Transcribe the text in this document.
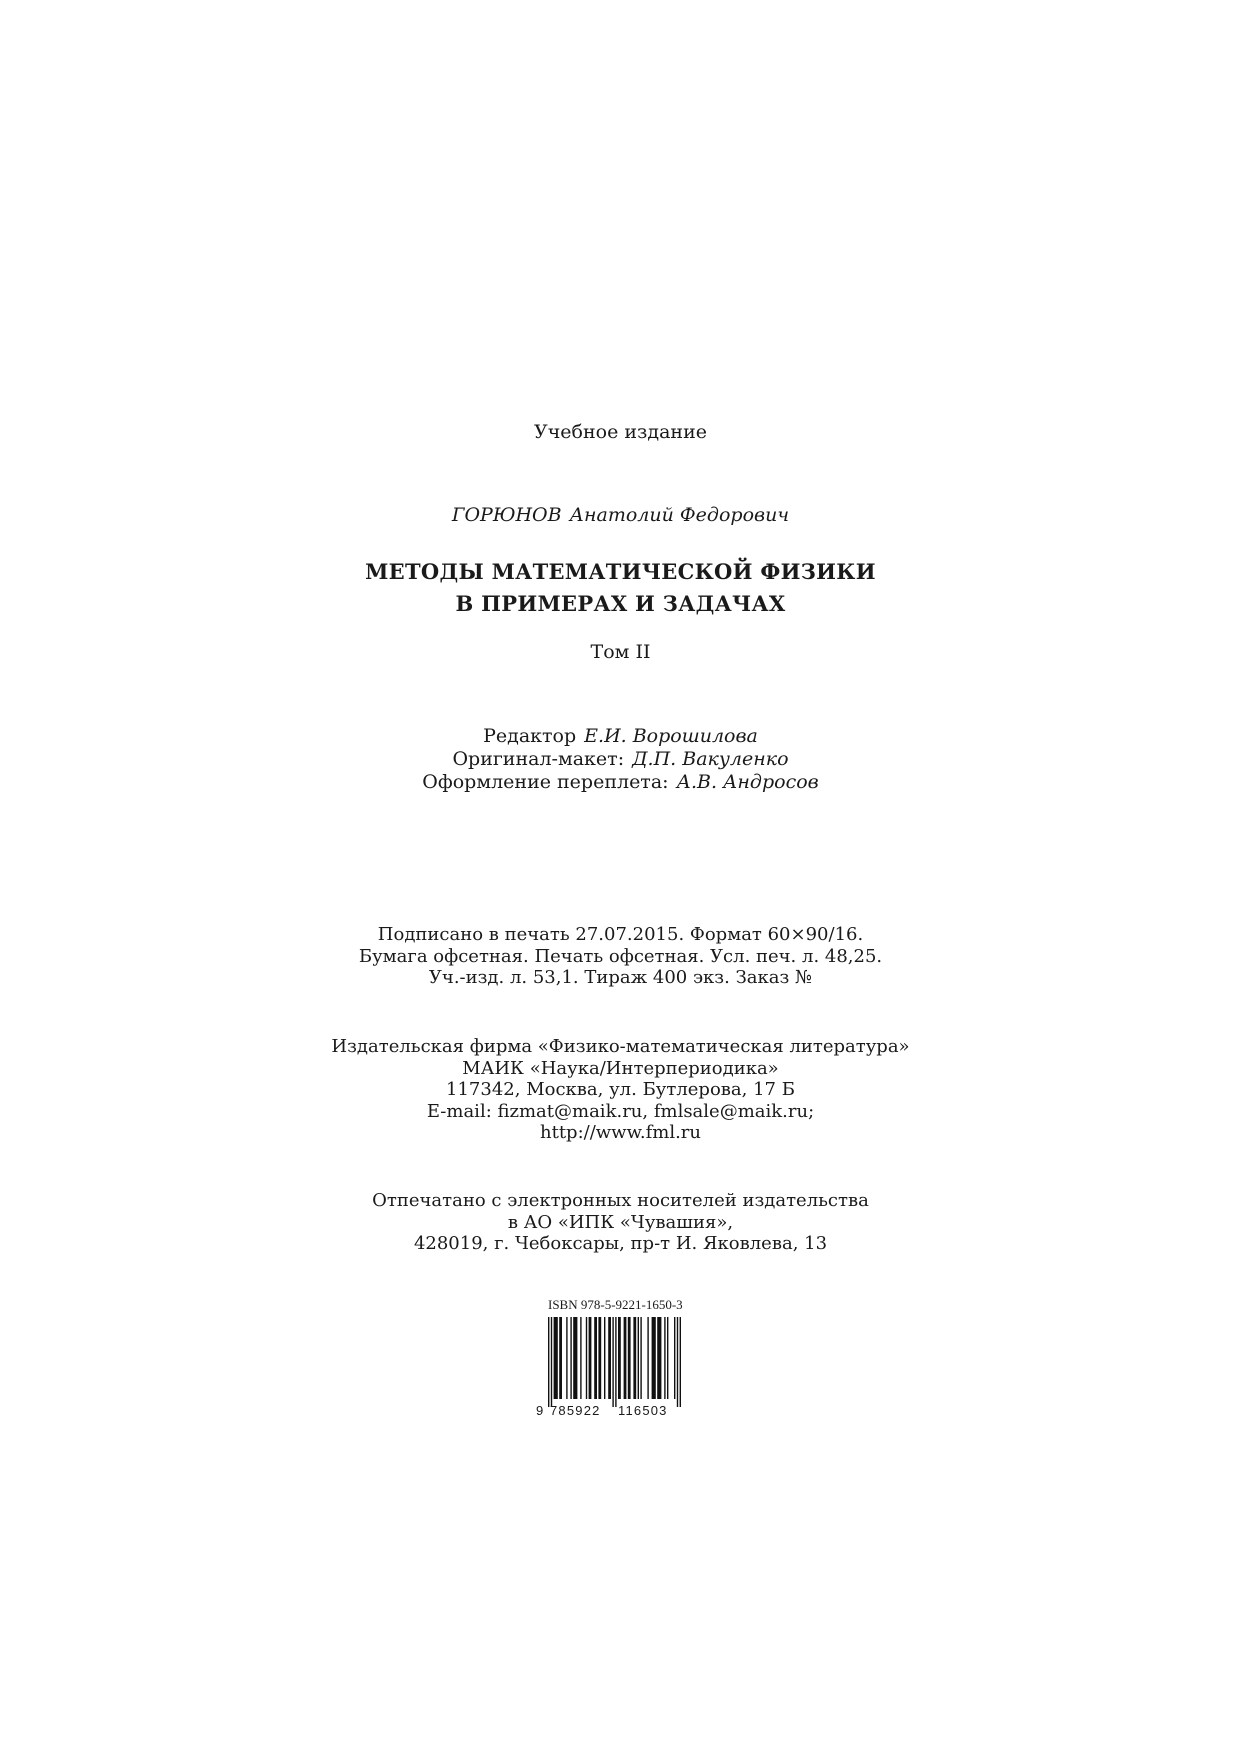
Учебное издание
ГОРЮНОВ Анатолий Федорович
МЕТОДЫ МАТЕМАТИЧЕСКОЙ ФИЗИКИ
В ПРИМЕРАХ И ЗАДАЧАХ
Том II
Редактор Е.И. Ворошилова
Оригинал-макет: Д.П. Вакуленко
Оформление переплета: А.В. Андросов
Подписано в печать 27.07.2015. Формат 60×90/16.
Бумага офсетная. Печать офсетная. Усл. печ. л. 48,25.
Уч.-изд. л. 53,1. Тираж 400 экз. Заказ №
Издательская фирма «Физико-математическая литература»
МАИК «Наука/Интерпериодика»
117342, Москва, ул. Бутлерова, 17 Б
E-mail: fizmat@maik.ru, fmlsale@maik.ru;
http://www.fml.ru
Отпечатано с электронных носителей издательства
в АО «ИПК «Чувашия»,
428019, г. Чебоксары, пр-т И. Яковлева, 13
ISBN 978-5-9221-1650-3
9 785922 116503
